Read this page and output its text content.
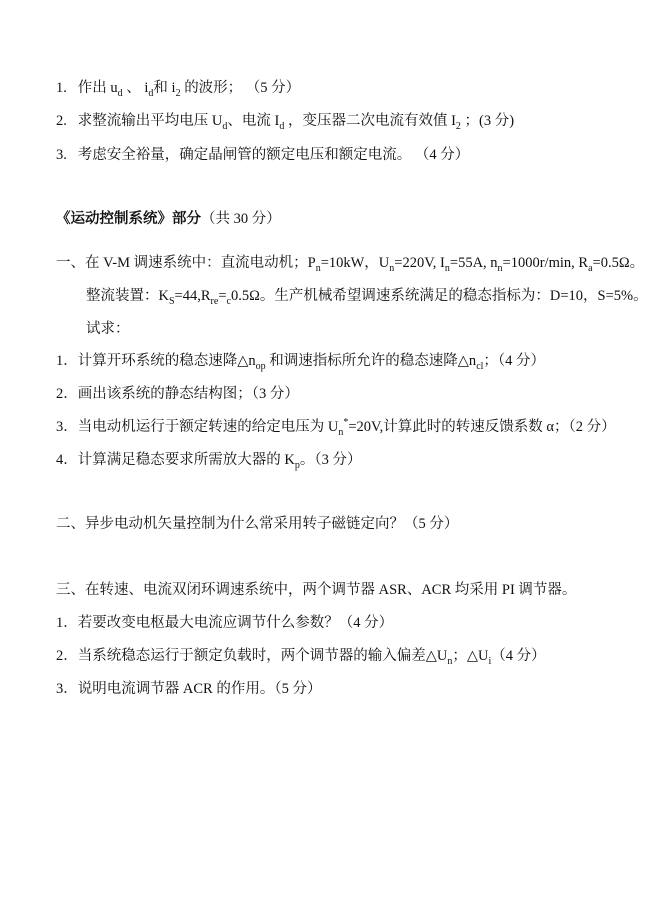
1.   作出 $u_d$ 、 $i_d$和 $i_2$ 的波形； （5 分）
2.   求整流输出平均电压 $U_d$、电流 $I_d$ ，变压器二次电流有效值 $I_2$ ；(3 分)
3.   考虑安全裕量，确定晶闸管的额定电压和额定电流。 （4 分）
《运动控制系统》部分（共 30 分）
一、在 V-M 调速系统中：直流电动机；$P_n=10kW$，$U_n=220V$, $I_n=55A$, $n_n=1000r/\min$, $R_a=0.5\Omega$。
整流装置：$K_S=44,R_{re}=_c0.5\Omega$。生产机械希望调速系统满足的稳态指标为：D=10，S=5%。
试求：
1．计算开环系统的稳态速降$\triangle n_{op}$ 和调速指标所允许的稳态速降$\triangle n_{cl}$；（4 分）
2．画出该系统的静态结构图；（3 分）
3．当电动机运行于额定转速的给定电压为 $U_n^*=20V$,计算此时的转速反馈系数 α；（2 分）
4．计算满足稳态要求所需放大器的 $K_p$。（3 分）
二、异步电动机矢量控制为什么常采用转子磁链定向？（5 分）
三、在转速、电流双闭环调速系统中，两个调节器 ASR、ACR 均采用 PI 调节器。
1．若要改变电枢最大电流应调节什么参数？（4 分）
2．当系统稳态运行于额定负载时，两个调节器的输入偏差$\triangle U_n$；$\triangle U_i(4$ 分）
3．说明电流调节器 ACR 的作用。（5 分）
